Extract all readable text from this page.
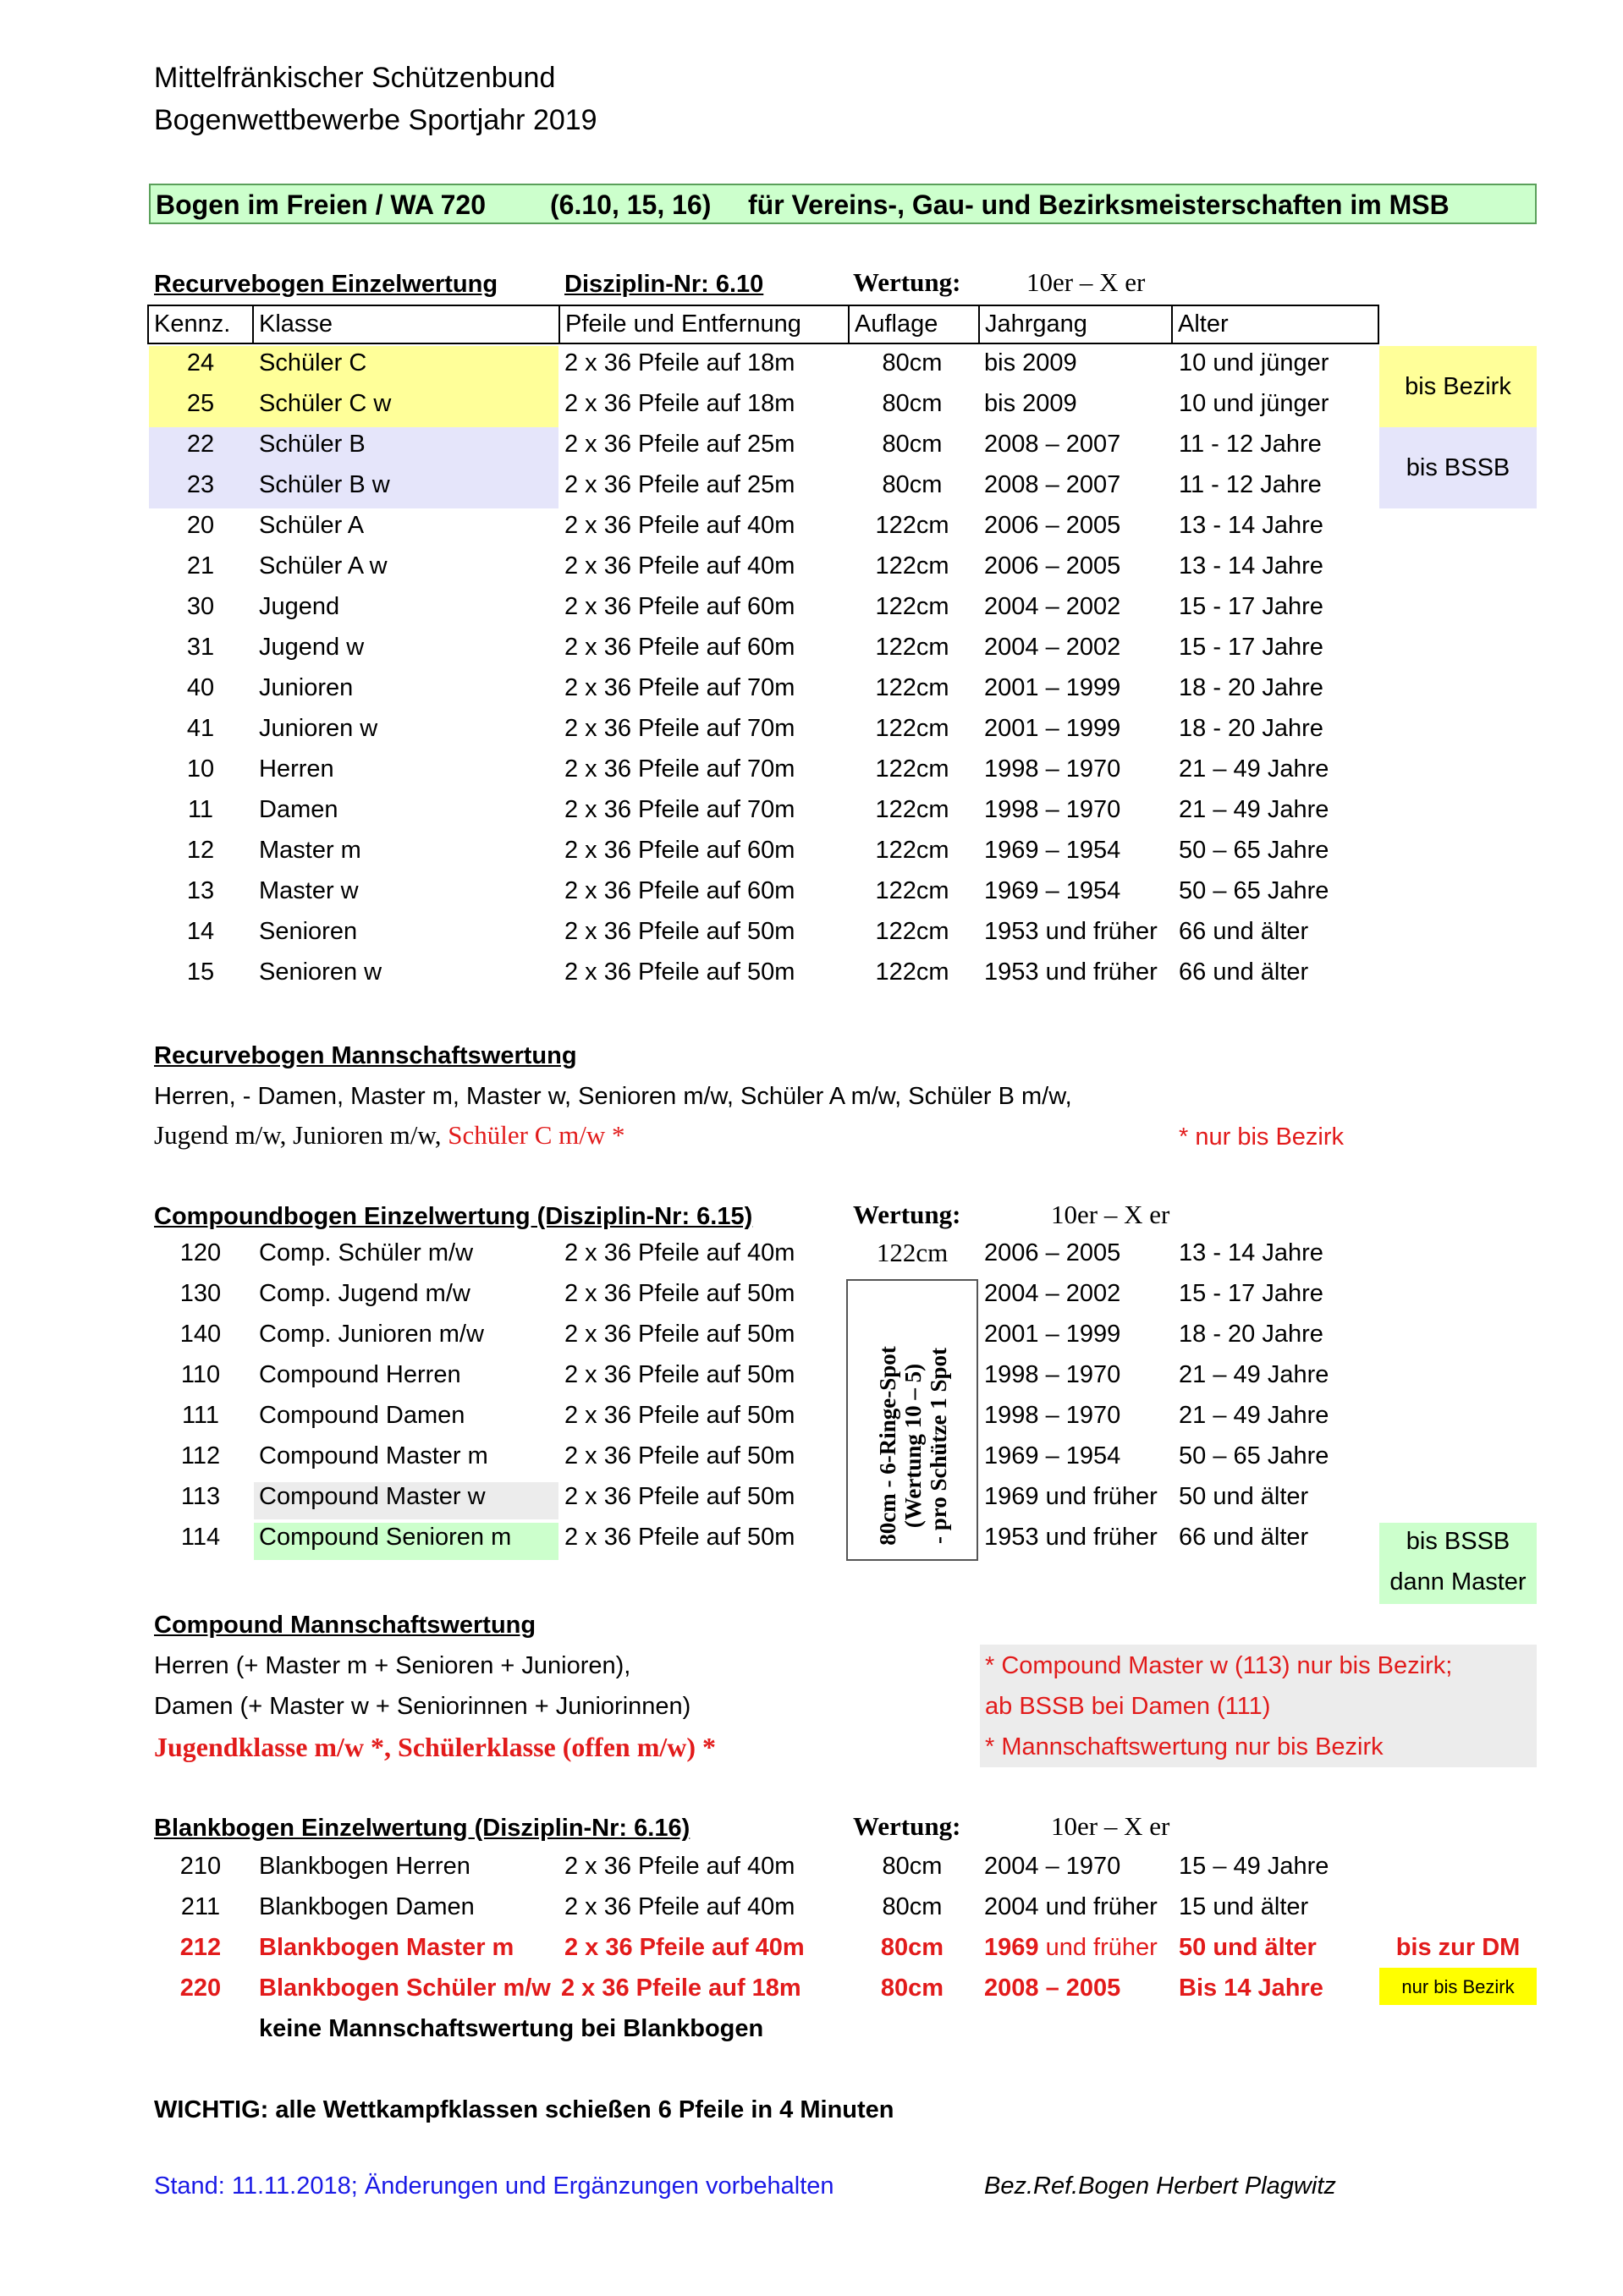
Mittelfränkischer Schützenbund
Bogenwettbewerbe Sportjahr 2019
Bogen im Freien / WA 720 (6.10, 15, 16) für Vereins-, Gau- und Bezirksmeisterschaften im MSB
Recurvebogen Einzelwertung	Disziplin-Nr: 6.10	Wertung:	10er – X er
Kennz.	Klasse	Pfeile und Entfernung	Auflage	Jahrgang	Alter
bis Bezirk
bis BSSB
24	Schüler C	2 x 36 Pfeile auf 18m	80cm	bis 2009	10 und jünger
25	Schüler C w	2 x 36 Pfeile auf 18m	80cm	bis 2009	10 und jünger
22	Schüler B	2 x 36 Pfeile auf 25m	80cm	2008 – 2007 11 - 12 Jahre
23	Schüler B w	2 x 36 Pfeile auf 25m	80cm	2008 – 2007 11 - 12 Jahre
20	Schüler A	2 x 36 Pfeile auf 40m	122cm	2006 – 2005 13 - 14 Jahre
21	Schüler A w	2 x 36 Pfeile auf 40m	122cm	2006 – 2005 13 - 14 Jahre
30	Jugend	2 x 36 Pfeile auf 60m	122cm	2004 – 2002 15 - 17 Jahre
31	Jugend w	2 x 36 Pfeile auf 60m	122cm	2004 – 2002 15 - 17 Jahre
40	Junioren	2 x 36 Pfeile auf 70m	122cm	2001 – 1999 18 - 20 Jahre
41	Junioren w	2 x 36 Pfeile auf 70m	122cm	2001 – 1999 18 - 20 Jahre
10	Herren	2 x 36 Pfeile auf 70m	122cm	1998 – 1970 21 – 49 Jahre
11	Damen	2 x 36 Pfeile auf 70m	122cm	1998 – 1970 21 – 49 Jahre
12	Master m	2 x 36 Pfeile auf 60m	122cm	1969 – 1954 50 – 65 Jahre
13	Master w	2 x 36 Pfeile auf 60m	122cm	1969 – 1954 50 – 65 Jahre
14	Senioren	2 x 36 Pfeile auf 50m	122cm	1953 und früher 66 und älter
15	Senioren w	2 x 36 Pfeile auf 50m	122cm	1953 und früher 66 und älter
Recurvebogen Mannschaftswertung
Herren, - Damen, Master m, Master w, Senioren m/w, Schüler A m/w, Schüler B m/w,
Jugend m/w, Junioren m/w, Schüler C m/w *	* nur bis Bezirk
Compoundbogen Einzelwertung (Disziplin-Nr: 6.15)	Wertung:	10er – X er
bis BSSB
dann Master
80cm - 6-Ringe-Spot (Wertung 10 – 5) - pro Schütze 1 Spot
120	Comp. Schüler m/w	2 x 36 Pfeile auf 40m	122cm	2006 – 2005 13 - 14 Jahre
130	Comp. Jugend m/w	2 x 36 Pfeile auf 50m	2004 – 2002 15 - 17 Jahre
140	Comp. Junioren m/w	2 x 36 Pfeile auf 50m	2001 – 1999 18 - 20 Jahre
110	Compound Herren	2 x 36 Pfeile auf 50m	1998 – 1970 21 – 49 Jahre
111	Compound Damen	2 x 36 Pfeile auf 50m	1998 – 1970 21 – 49 Jahre
112	Compound Master m	2 x 36 Pfeile auf 50m	1969 – 1954 50 – 65 Jahre
113	Compound Master w	2 x 36 Pfeile auf 50m	1969 und früher 50 und älter
114	Compound Senioren m 2 x 36 Pfeile auf 50m	1953 und früher 66 und älter
Compound Mannschaftswertung
Herren (+ Master m + Senioren + Junioren),
Damen (+ Master w + Seniorinnen + Juniorinnen)
Jugendklasse m/w *, Schülerklasse (offen m/w) *
* Compound Master w (113) nur bis Bezirk;
ab BSSB bei Damen (111)
* Mannschaftswertung nur bis Bezirk
Blankbogen Einzelwertung (Disziplin-Nr: 6.16)	Wertung:	10er – X er
210	Blankbogen Herren	2 x 36 Pfeile auf 40m	80cm	2004 – 1970 15 – 49 Jahre
211	Blankbogen Damen	2 x 36 Pfeile auf 40m	80cm	2004 und früher 15 und älter
212	Blankbogen Master m 2 x 36 Pfeile auf 40m	80cm	1969 und früher 50 und älter	bis zur DM
220	Blankbogen Schüler m/w 2 x 36 Pfeile auf 18m	80cm	2008 – 2005 Bis 14 Jahre	nur bis Bezirk
keine Mannschaftswertung bei Blankbogen
WICHTIG: alle Wettkampfklassen schießen 6 Pfeile in 4 Minuten
Stand: 11.11.2018; Änderungen und Ergänzungen vorbehalten	Bez.Ref.Bogen Herbert Plagwitz
